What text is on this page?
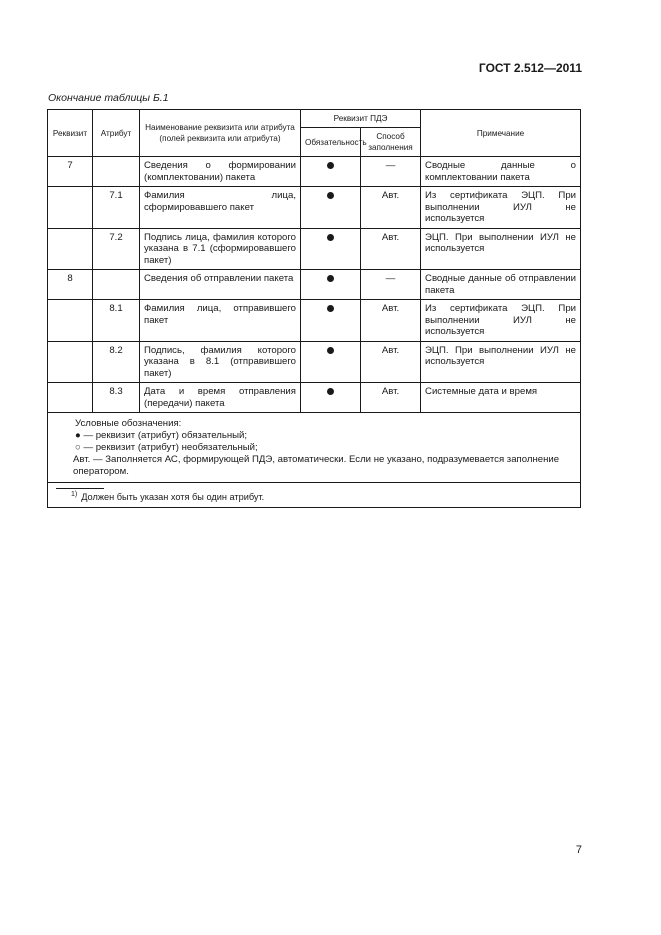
ГОСТ 2.512—2011
Окончание таблицы Б.1
Реквизит	Атрибут	Наименование реквизита или атрибута (полей реквизита или атрибута)	Реквизит ПДЭ		Примечание
			Обязательность	Способ заполнения	
7		Сведения о формировании (комплектовании) пакета		—	Сводные данные о комплектовании пакета
	7.1	Фамилия лица, сформировавшего пакет		Авт.	Из сертификата ЭЦП. При выполнении ИУЛ не используется
	7.2	Подпись лица, фамилия которого указана в 7.1 (сформировавшего пакет)		Авт.	ЭЦП. При выполнении ИУЛ не используется
8		Сведения об отправлении пакета		—	Сводные данные об отправлении пакета
	8.1	Фамилия лица, отправившего пакет		Авт.	Из сертификата ЭЦП. При выполнении ИУЛ не используется
	8.2	Подпись, фамилия которого указана в 8.1 (отправившего пакет)		Авт.	ЭЦП. При выполнении ИУЛ не используется
	8.3	Дата и время отправления (передачи) пакета		Авт.	Системные дата и время

Условные обозначения:
● — реквизит (атрибут) обязательный;
○ — реквизит (атрибут) необязательный;
Авт. — Заполняется АС, формирующей ПДЭ, автоматически. Если не указано, подразумевается заполнение оператором.					

$^{1)}$ Должен быть указан хотя бы один атрибут.					
7
